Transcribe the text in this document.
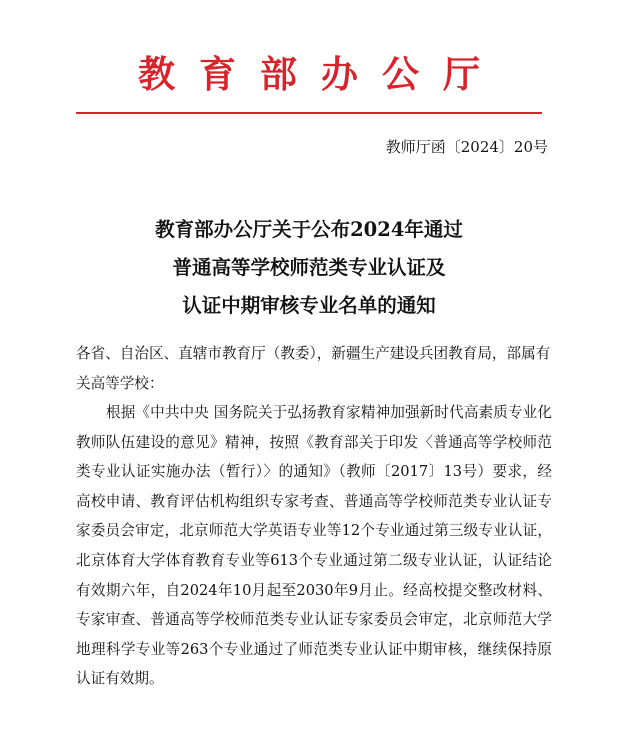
教育部办公厅
教师厅函〔2024〕20号
教育部办公厅关于公布2024年通过
普通高等学校师范类专业认证及
认证中期审核专业名单的通知
各省、自治区、直辖市教育厅（教委），新疆生产建设兵团教育局，部属有关高等学校：
根据《中共中央 国务院关于弘扬教育家精神加强新时代高素质专业化教师队伍建设的意见》精神，按照《教育部关于印发〈普通高等学校师范类专业认证实施办法（暂行）〉的通知》（教师〔2017〕13号）要求，经高校申请、教育评估机构组织专家考查、普通高等学校师范类专业认证专家委员会审定，北京师范大学英语专业等12个专业通过第三级专业认证，北京体育大学体育教育专业等613个专业通过第二级专业认证，认证结论有效期六年，自2024年10月起至2030年9月止。经高校提交整改材料、专家审查、普通高等学校师范类专业认证专家委员会审定，北京师范大学地理科学专业等263个专业通过了师范类专业认证中期审核，继续保持原认证有效期。
